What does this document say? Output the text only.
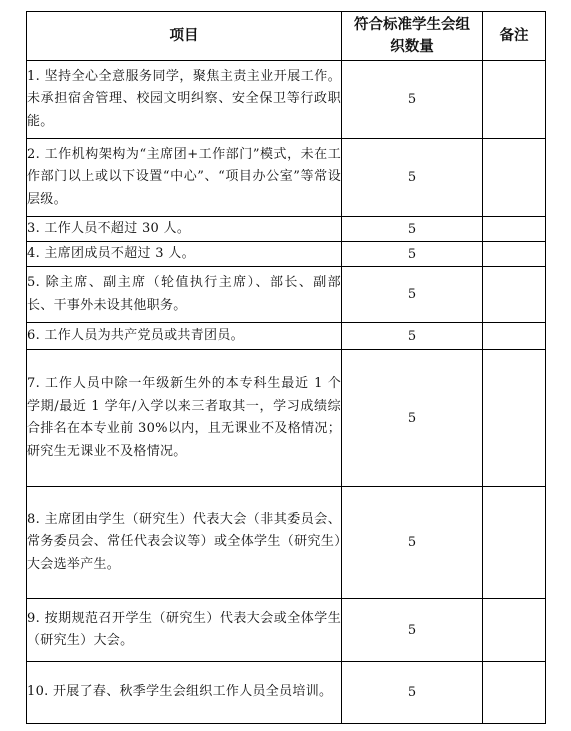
项目	符合标准学生会组织数量	备注
1. 坚持全心全意服务同学，聚焦主责主业开展工作。未承担宿舍管理、校园文明纠察、安全保卫等行政职能。	5	
2. 工作机构架构为“主席团+工作部门”模式，未在工作部门以上或以下设置“中心”、“项目办公室”等常设层级。	5	
3. 工作人员不超过 30 人。	5	
4. 主席团成员不超过 3 人。	5	
5. 除主席、副主席（轮值执行主席）、部长、副部长、干事外未设其他职务。	5	
6. 工作人员为共产党员或共青团员。	5	
7. 工作人员中除一年级新生外的本专科生最近 1 个学期/最近 1 学年/入学以来三者取其一，学习成绩综合排名在本专业前 30%以内，且无课业不及格情况；研究生无课业不及格情况。	5	
8. 主席团由学生（研究生）代表大会（非其委员会、常务委员会、常任代表会议等）或全体学生（研究生）大会选举产生。	5	
9. 按期规范召开学生（研究生）代表大会或全体学生（研究生）大会。	5	
10. 开展了春、秋季学生会组织工作人员全员培训。	5	
